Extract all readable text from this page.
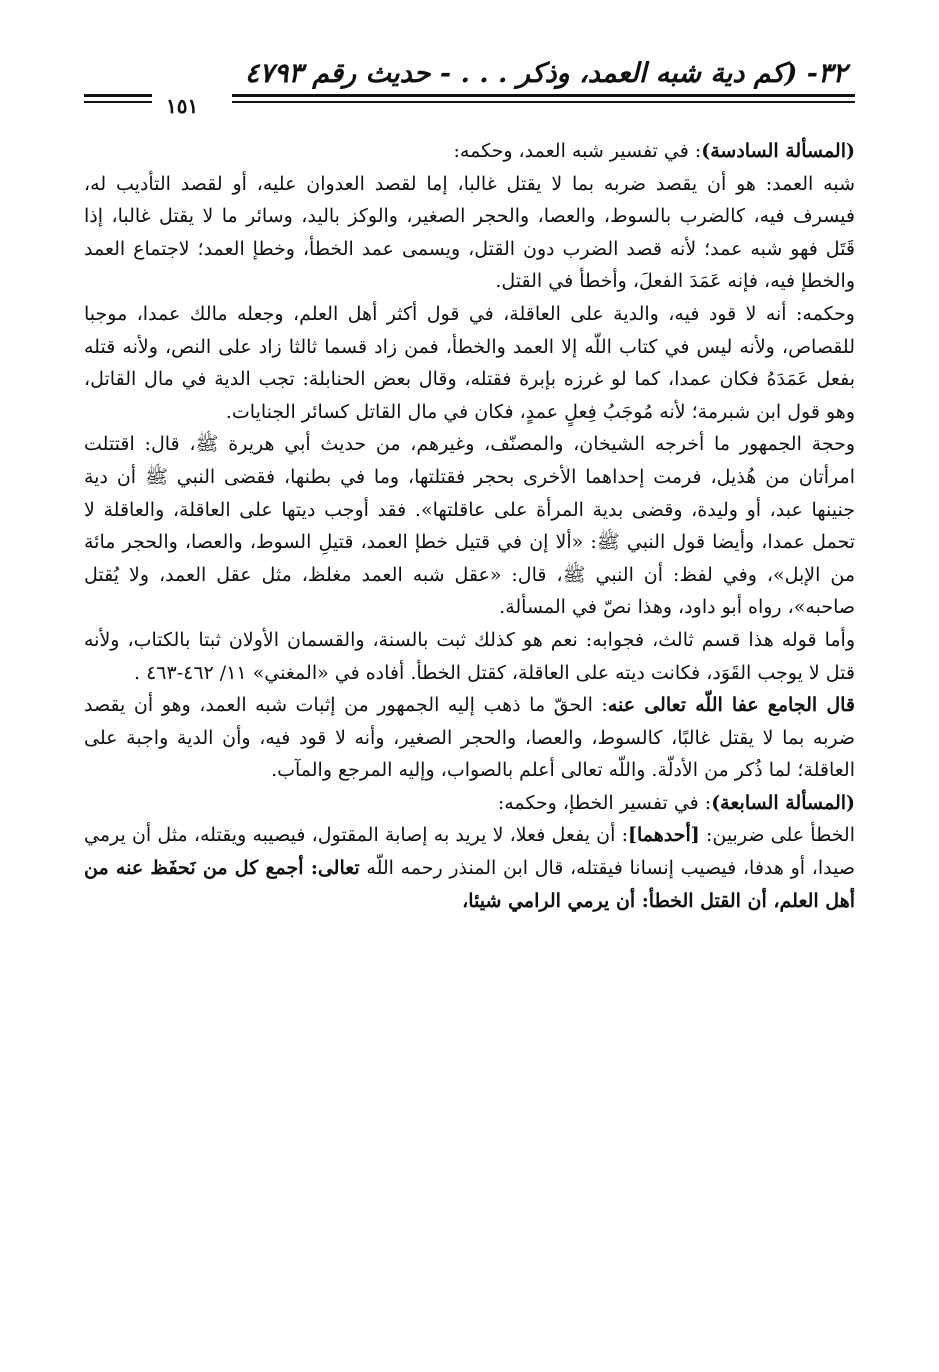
٣٢- (كم دية شبه العمد، وذكر . . . - حديث رقم ٤٧٩٣
١٥١

(المسألة السادسة): في تفسير شبه العمد، وحكمه:

شبه العمد: هو أن يقصد ضربه بما لا يقتل غالبا، إما لقصد العدوان عليه، أو لقصد التأديب له، فيسرف فيه، كالضرب بالسوط، والعصا، والحجر الصغير، والوكز باليد، وسائر ما لا يقتل غالبا، إذا قَتَل فهو شبه عمد؛ لأنه قصد الضرب دون القتل، ويسمى عمد الخطأ، وخطإ العمد؛ لاجتماع العمد والخطإ فيه، فإنه عَمَدَ الفعلَ، وأخطأ في القتل.

وحكمه: أنه لا قود فيه، والدية على العاقلة، في قول أكثر أهل العلم، وجعله مالك عمدا، موجبا للقصاص، ولأنه ليس في كتاب اللّه إلا العمد والخطأ، فمن زاد قسما ثالثا زاد على النص، ولأنه قتله بفعل عَمَدَهُ فكان عمدا، كما لو غرزه بإبرة فقتله، وقال بعض الحنابلة: تجب الدية في مال القاتل، وهو قول ابن شبرمة؛ لأنه مُوجَبُ فِعلٍ عمدٍ، فكان في مال القاتل كسائر الجنايات.

وحجة الجمهور ما أخرجه الشيخان، والمصنّف، وغيرهم، من حديث أبي هريرة ﷺ، قال: اقتتلت امرأتان من هُذيل، فرمت إحداهما الأخرى بحجر فقتلتها، وما في بطنها، فقضى النبي ﷺ أن دية جنينها عبد، أو وليدة، وقضى بدية المرأة على عاقلتها». فقد أوجب ديتها على العاقلة، والعاقلة لا تحمل عمدا، وأيضا قول النبي ﷺ: «ألا إن في قتيل خطإ العمد، قتيلِ السوط، والعصا، والحجر مائة من الإبل»، وفي لفظ: أن النبي ﷺ، قال: «عقل شبه العمد مغلظ، مثل عقل العمد، ولا يُقتل صاحبه»، رواه أبو داود، وهذا نصّ في المسألة.

وأما قوله هذا قسم ثالث، فجوابه: نعم هو كذلك ثبت بالسنة، والقسمان الأولان ثبتا بالكتاب، ولأنه قتل لا يوجب القَوَد، فكانت ديته على العاقلة، كقتل الخطأ. أفاده في «المغني» ١١/ ٤٦٢-٤٦٣ .

قال الجامع عفا اللّه تعالى عنه: الحقّ ما ذهب إليه الجمهور من إثبات شبه العمد، وهو أن يقصد ضربه بما لا يقتل غالبًا، كالسوط، والعصا، والحجر الصغير، وأنه لا قود فيه، وأن الدية واجبة على العاقلة؛ لما ذُكر من الأدلّة. واللّه تعالى أعلم بالصواب، وإليه المرجع والمآب.

(المسألة السابعة): في تفسير الخطإ، وحكمه:

الخطأ على ضربين: [أحدهما]: أن يفعل فعلا، لا يريد به إصابة المقتول، فيصيبه ويقتله، مثل أن يرمي صيدا، أو هدفا، فيصيب إنسانا فيقتله، قال ابن المنذر رحمه اللّه تعالى: أجمع كل من نَحفَظ عنه من أهل العلم، أن القتل الخطأ: أن يرمي الرامي شيئا،
